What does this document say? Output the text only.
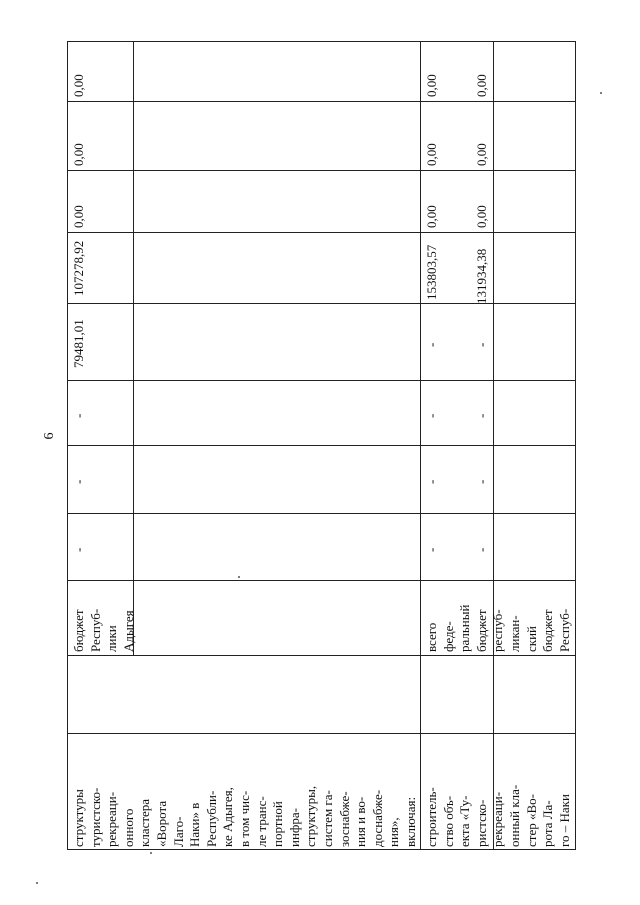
6
структуры туристско- рекреаци- онного кластера «Ворота Лаго- Наки» в Республи- ке Адыгея, в том чис- ле транс- портной инфра- структуры, систем га- зоснабже- ния и во- доснабже- ния», включая:
бюджет Респуб- лики Адыгея
-
-
-
79481,01
107278,92
0,00
0,00
0,00
строитель- ство объ- екта «Ту- ристско- рекреаци- онный кла- стер «Во- рота Ла- го – Наки
всего феде- ральный бюджет респуб- ликан- ский бюджет Респуб-
-
-
-
-
153803,57
0,00
0,00
0,00
-
-
-
-
131934,38
0,00
0,00
0,00
